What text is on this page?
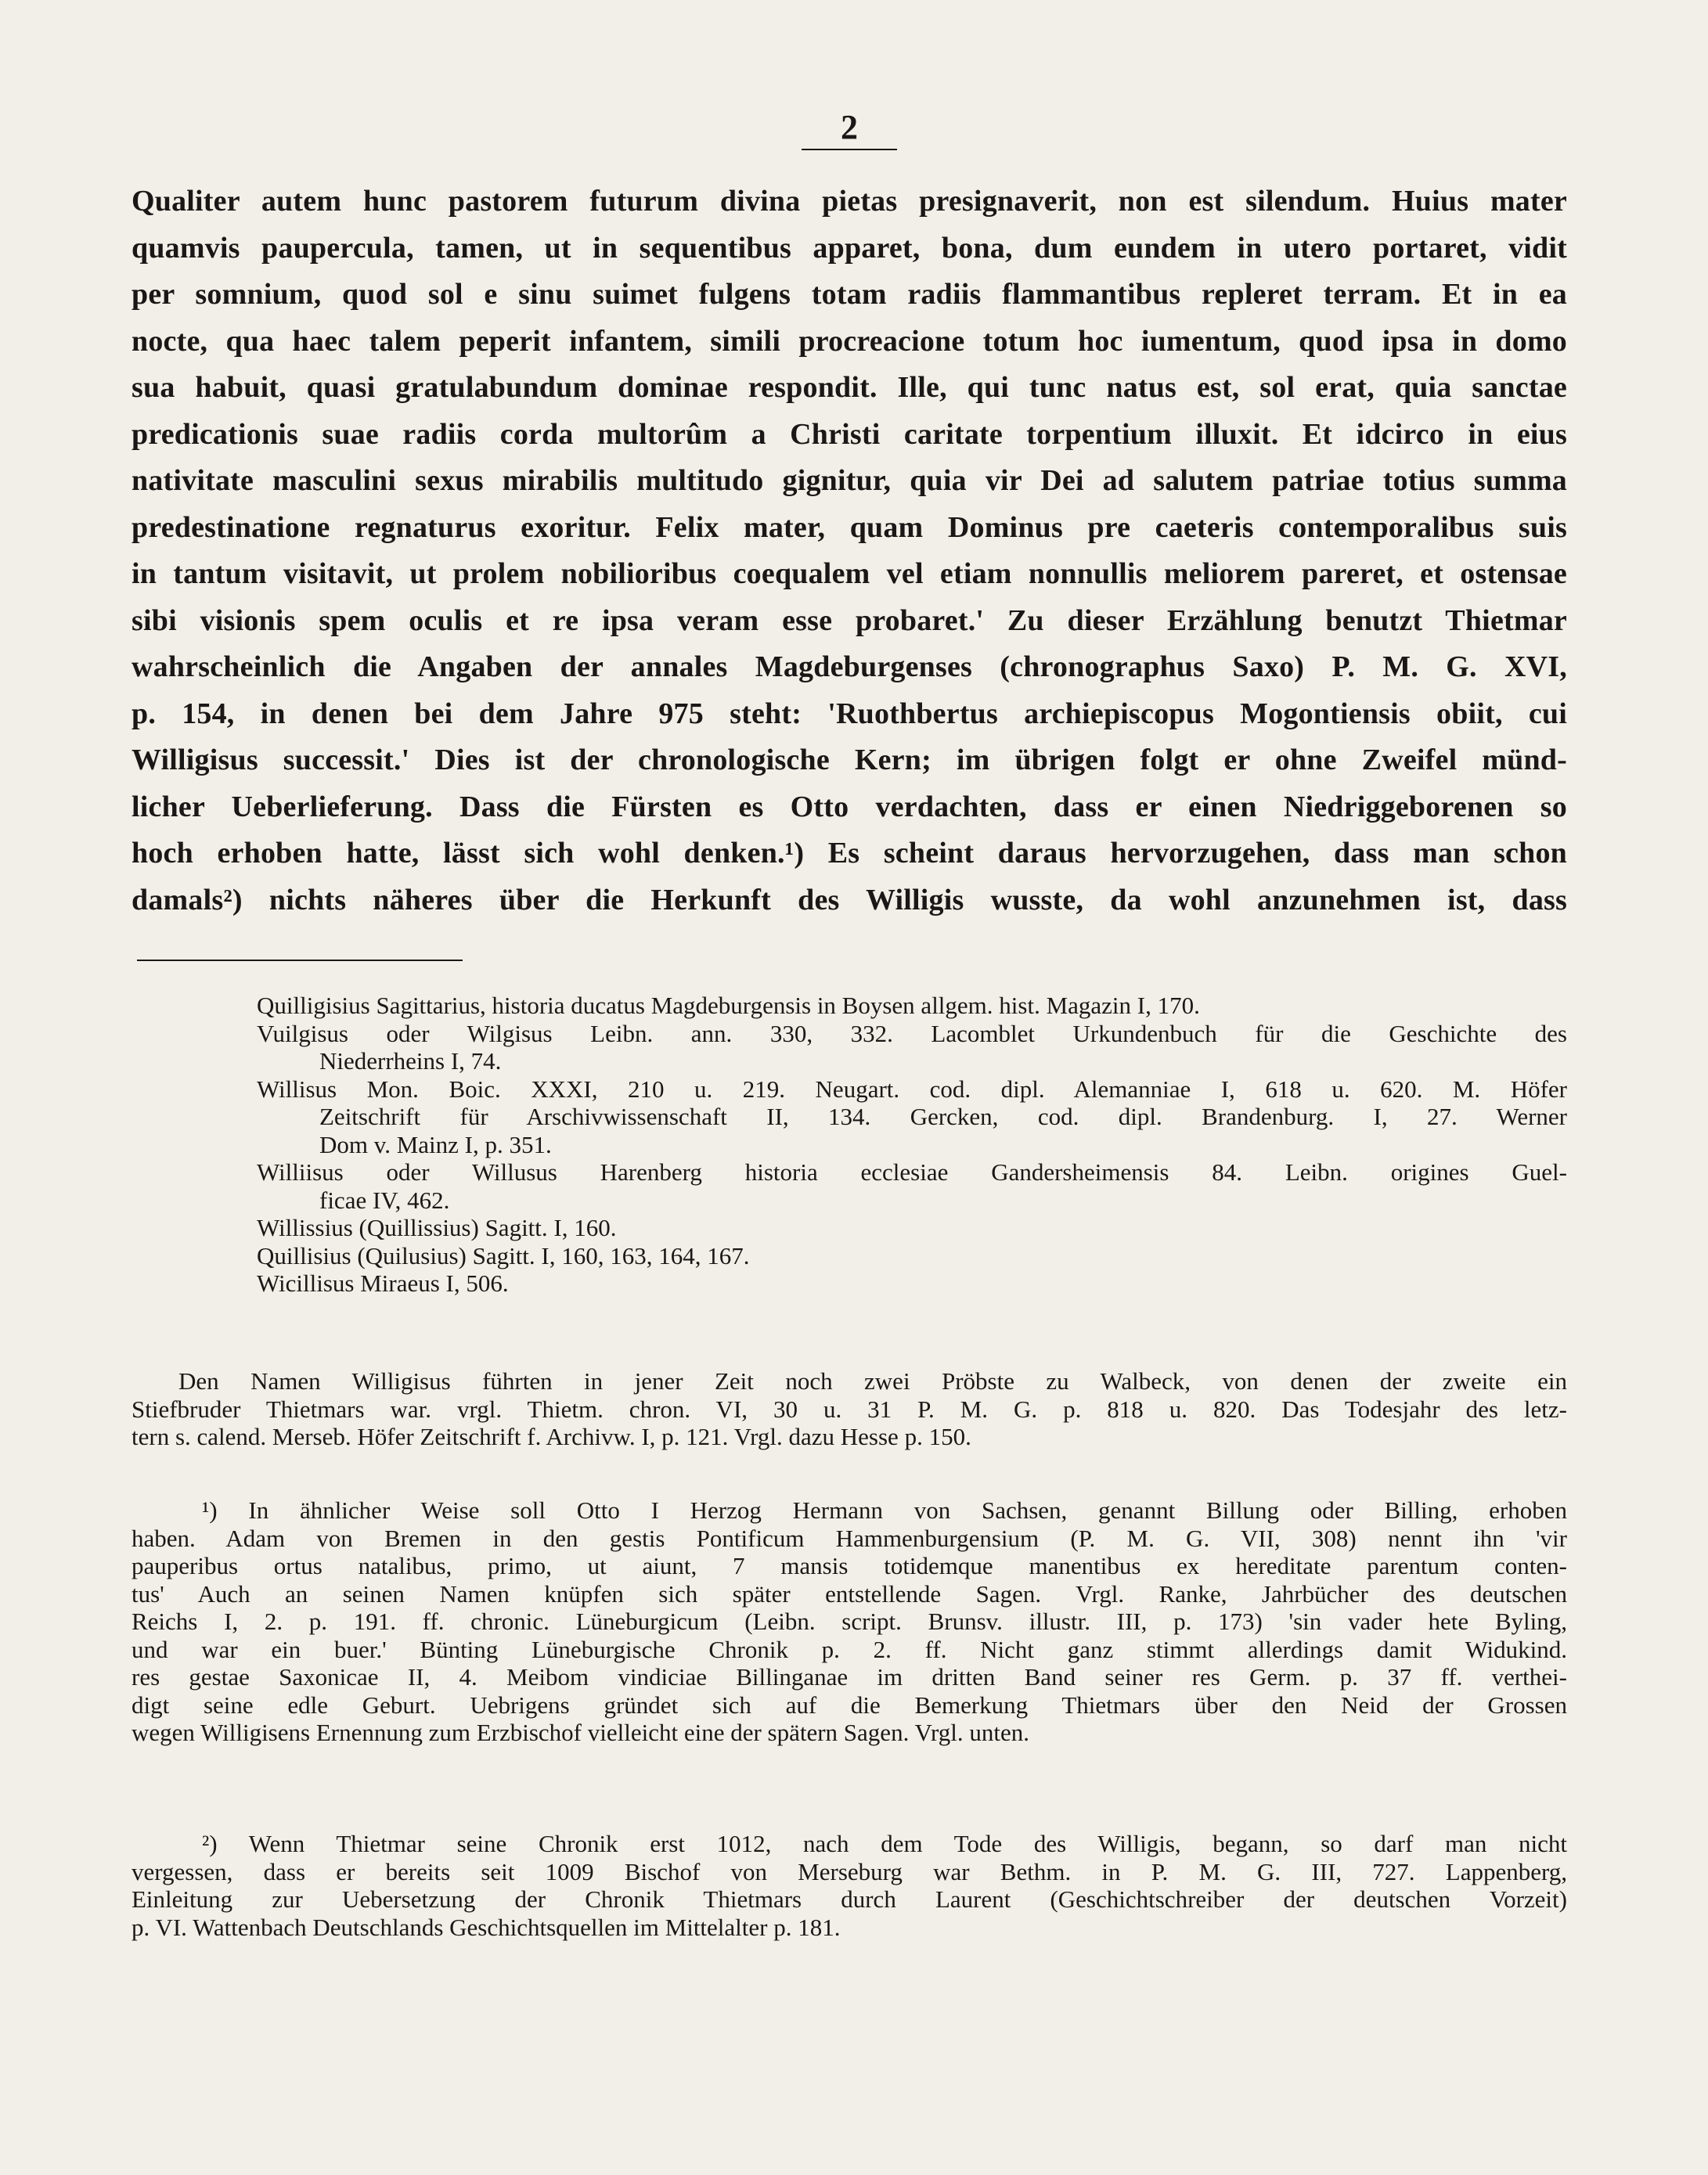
2
Qualiter autem hunc pastorem futurum divina pietas presignaverit, non est silendum. Huius mater
quamvis paupercula, tamen, ut in sequentibus apparet, bona, dum eundem in utero portaret, vidit
per somnium, quod sol e sinu suimet fulgens totam radiis flammantibus repleret terram. Et in ea
nocte, qua haec talem peperit infantem, simili procreacione totum hoc iumentum, quod ipsa in domo
sua habuit, quasi gratulabundum dominae respondit. Ille, qui tunc natus est, sol erat, quia sanctae
predicationis suae radiis corda multorûm a Christi caritate torpentium illuxit. Et idcirco in eius
nativitate masculini sexus mirabilis multitudo gignitur, quia vir Dei ad salutem patriae totius summa
predestinatione regnaturus exoritur. Felix mater, quam Dominus pre caeteris contemporalibus suis
in tantum visitavit, ut prolem nobilioribus coequalem vel etiam nonnullis meliorem pareret, et ostensae
sibi visionis spem oculis et re ipsa veram esse probaret.' Zu dieser Erzählung benutzt Thietmar
wahrscheinlich die Angaben der annales Magdeburgenses (chronographus Saxo) P. M. G. XVI,
p. 154, in denen bei dem Jahre 975 steht: 'Ruothbertus archiepiscopus Mogontiensis obiit, cui
Willigisus successit.' Dies ist der chronologische Kern; im übrigen folgt er ohne Zweifel münd-
licher Ueberlieferung. Dass die Fürsten es Otto verdachten, dass er einen Niedriggeborenen so
hoch erhoben hatte, lässt sich wohl denken.¹) Es scheint daraus hervorzugehen, dass man schon
damals²) nichts näheres über die Herkunft des Willigis wusste, da wohl anzunehmen ist, dass
Quilligisius Sagittarius, historia ducatus Magdeburgensis in Boysen allgem. hist. Magazin I, 170.
Vuilgisus oder Wilgisus Leibn. ann. 330, 332. Lacomblet Urkundenbuch für die Geschichte des
Niederrheins I, 74.
Willisus Mon. Boic. XXXI, 210 u. 219. Neugart. cod. dipl. Alemanniae I, 618 u. 620. M. Höfer
Zeitschrift für Arschivwissenschaft II, 134. Gercken, cod. dipl. Brandenburg. I, 27. Werner
Dom v. Mainz I, p. 351.
Williisus oder Willusus Harenberg historia ecclesiae Gandersheimensis 84. Leibn. origines Guel-
ficae IV, 462.
Willissius (Quillissius) Sagitt. I, 160.
Quillisius (Quilusius) Sagitt. I, 160, 163, 164, 167.
Wicillisus Miraeus I, 506.
Den Namen Willigisus führten in jener Zeit noch zwei Pröbste zu Walbeck, von denen der zweite ein
Stiefbruder Thietmars war. vrgl. Thietm. chron. VI, 30 u. 31 P. M. G. p. 818 u. 820. Das Todesjahr des letz-
tern s. calend. Merseb. Höfer Zeitschrift f. Archivw. I, p. 121. Vrgl. dazu Hesse p. 150.
¹) In ähnlicher Weise soll Otto I Herzog Hermann von Sachsen, genannt Billung oder Billing, erhoben
haben. Adam von Bremen in den gestis Pontificum Hammenburgensium (P. M. G. VII, 308) nennt ihn 'vir
pauperibus ortus natalibus, primo, ut aiunt, 7 mansis totidemque manentibus ex hereditate parentum conten-
tus' Auch an seinen Namen knüpfen sich später entstellende Sagen. Vrgl. Ranke, Jahrbücher des deutschen
Reichs I, 2. p. 191. ff. chronic. Lüneburgicum (Leibn. script. Brunsv. illustr. III, p. 173) 'sin vader hete Byling,
und war ein buer.' Bünting Lüneburgische Chronik p. 2. ff. Nicht ganz stimmt allerdings damit Widukind.
res gestae Saxonicae II, 4. Meibom vindiciae Billinganae im dritten Band seiner res Germ. p. 37 ff. verthei-
digt seine edle Geburt. Uebrigens gründet sich auf die Bemerkung Thietmars über den Neid der Grossen
wegen Willigisens Ernennung zum Erzbischof vielleicht eine der spätern Sagen. Vrgl. unten.
²) Wenn Thietmar seine Chronik erst 1012, nach dem Tode des Willigis, begann, so darf man nicht
vergessen, dass er bereits seit 1009 Bischof von Merseburg war Bethm. in P. M. G. III, 727. Lappenberg,
Einleitung zur Uebersetzung der Chronik Thietmars durch Laurent (Geschichtschreiber der deutschen Vorzeit)
p. VI. Wattenbach Deutschlands Geschichtsquellen im Mittelalter p. 181.
